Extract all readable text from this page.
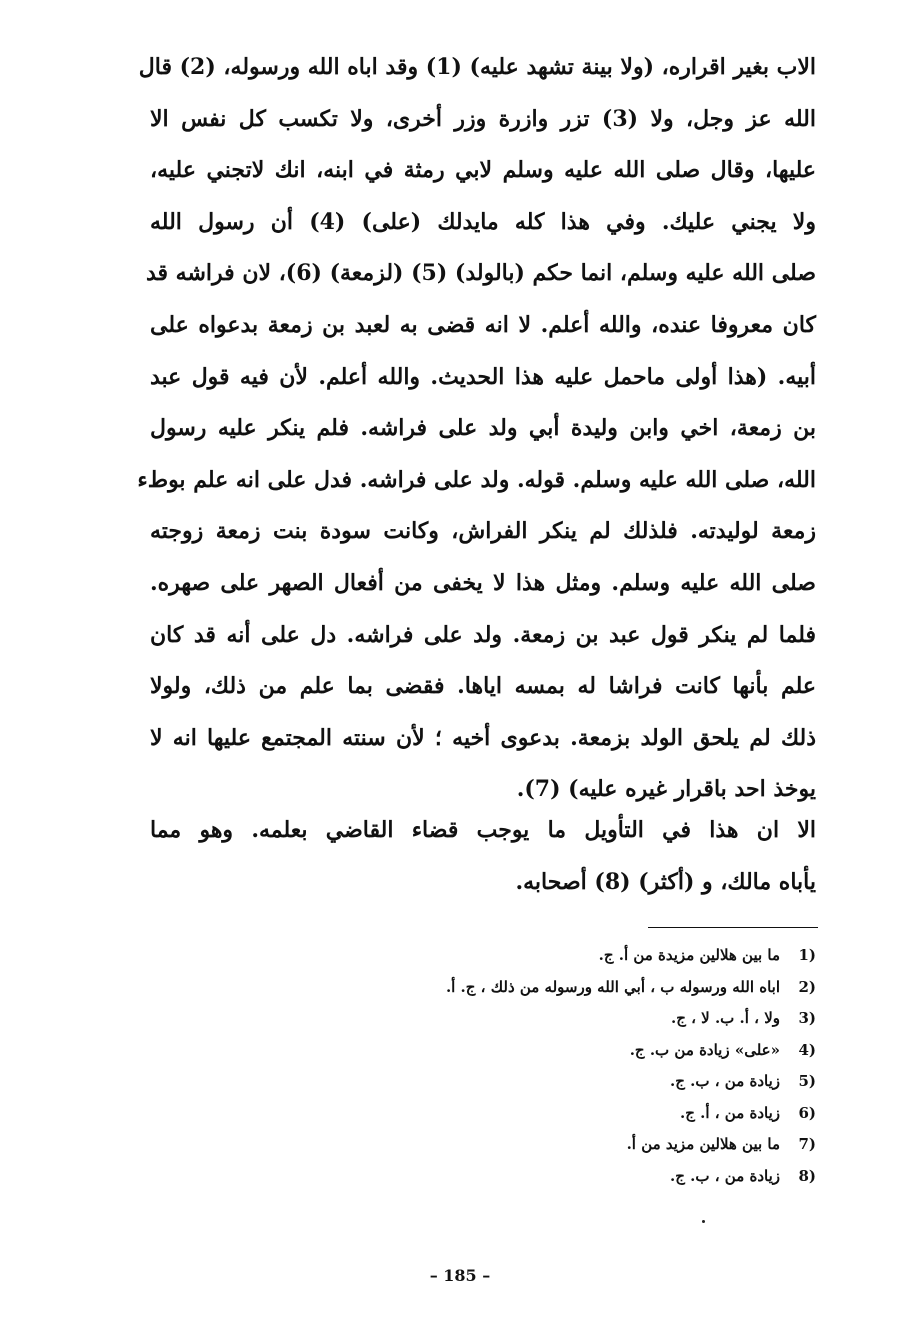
الاب بغير اقراره، (ولا بينة تشهد عليه) (1) وقد اباه الله ورسوله، (2) قال
الله عز وجل، ولا (3) تزر وازرة وزر أخرى، ولا تكسب كل نفس الا
عليها، وقال صلى الله عليه وسلم لابي رمثة في ابنه، انك لاتجني عليه،
ولا يجني عليك. وفي هذا كله مايدلك (على) (4) أن رسول الله
صلى الله عليه وسلم، انما حكم (بالولد) (5) (لزمعة) (6)، لان فراشه قد
كان معروفا عنده، والله أعلم. لا انه قضى به لعبد بن زمعة بدعواه على
أبيه. (هذا أولى ماحمل عليه هذا الحديث. والله أعلم. لأن فيه قول عبد
بن زمعة، اخي وابن وليدة أبي ولد على فراشه. فلم ينكر عليه رسول
الله، صلى الله عليه وسلم. قوله. ولد على فراشه. فدل على انه علم بوطء
زمعة لوليدته. فلذلك لم ينكر الفراش، وكانت سودة بنت زمعة زوجته
صلى الله عليه وسلم. ومثل هذا لا يخفى من أفعال الصهر على صهره.
فلما لم ينكر قول عبد بن زمعة. ولد على فراشه. دل على أنه قد كان
علم بأنها كانت فراشا له بمسه اياها. فقضى بما علم من ذلك، ولولا
ذلك لم يلحق الولد بزمعة. بدعوى أخيه ؛ لأن سنته المجتمع عليها انه لا
يوخذ احد باقرار غيره عليه) (7).
الا ان هذا في التأويل ما يوجب قضاء القاضي بعلمه. وهو مما
يأباه مالك، و (أكثر) (8) أصحابه.
1)
ما بين هلالين مزيدة من أ. ج.
2)
اباه الله ورسوله ب ، أبي الله ورسوله من ذلك ، ج. أ.
3)
ولا ، أ. ب. لا ، ج.
4)
«على» زيادة من ب. ج.
5)
زيادة من ، ب. ج.
6)
زيادة من ، أ. ج.
7)
ما بين هلالين مزيد من أ.
8)
زيادة من ، ب. ج.
– 185 –
